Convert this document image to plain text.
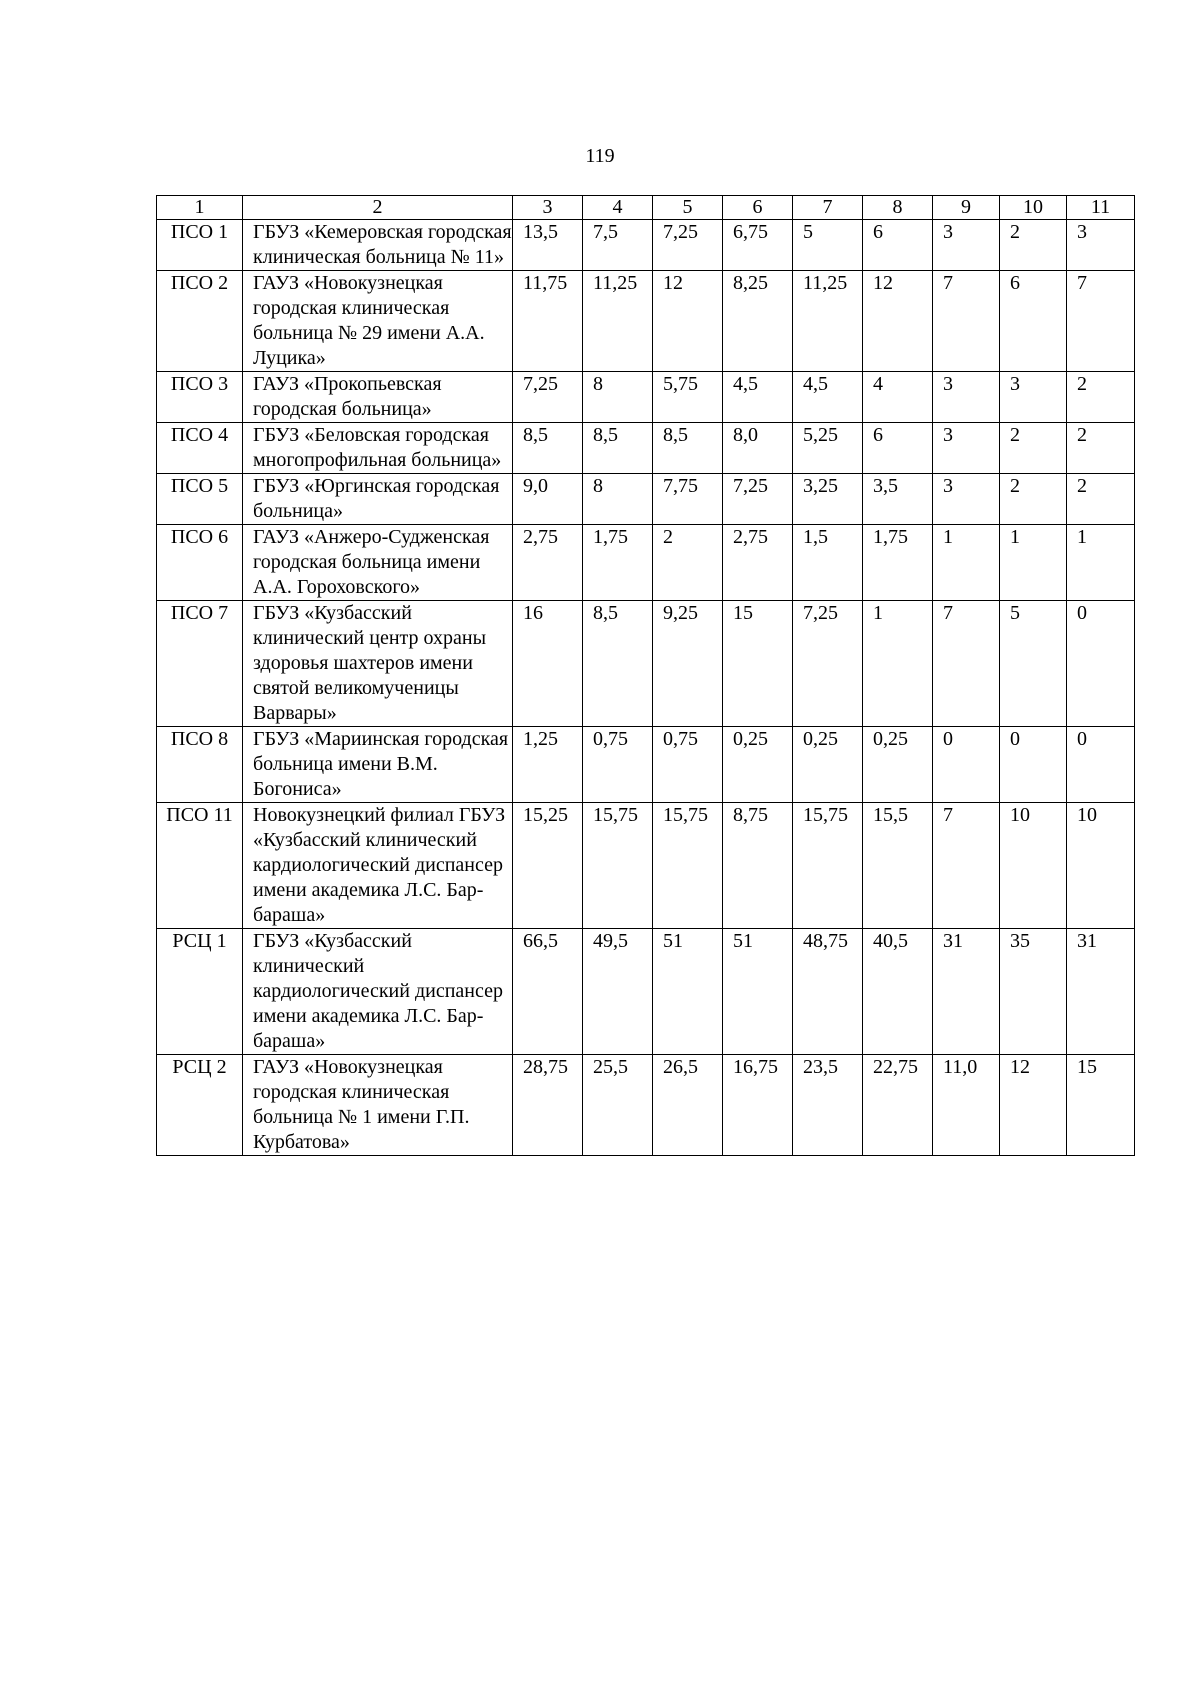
119
1	2	3	4	5	6	7	8	9	10	11
ПСО 1	ГБУЗ «Кемеровская городская клиническая больница № 11»	13,5	7,5	7,25	6,75	5	6	3	2	3
ПСО 2	ГАУЗ «Новокузнецкая городская клиническая больница № 29 имени А.А. Луцика»	11,75	11,25	12	8,25	11,25	12	7	6	7
ПСО 3	ГАУЗ «Прокопьевская городская больница»	7,25	8	5,75	4,5	4,5	4	3	3	2
ПСО 4	ГБУЗ «Беловская городская многопрофильная больница»	8,5	8,5	8,5	8,0	5,25	6	3	2	2
ПСО 5	ГБУЗ «Юргинская городская больница»	9,0	8	7,75	7,25	3,25	3,5	3	2	2
ПСО 6	ГАУЗ «Анжеро-Судженская городская больница имени А.А. Гороховского»	2,75	1,75	2	2,75	1,5	1,75	1	1	1
ПСО 7	ГБУЗ «Кузбасский клинический центр охраны здоровья шахтеров имени святой великомученицы Варвары»	16	8,5	9,25	15	7,25	1	7	5	0
ПСО 8	ГБУЗ «Мариинская городская больница имени В.М. Богониса»	1,25	0,75	0,75	0,25	0,25	0,25	0	0	0
ПСО 11	Новокузнецкий филиал ГБУЗ «Кузбасский клинический кардиологический диспансер имени академика Л.С. Бар-бараша»	15,25	15,75	15,75	8,75	15,75	15,5	7	10	10
РСЦ 1	ГБУЗ «Кузбасский клинический кардиологический диспансер имени академика Л.С. Бар-бараша»	66,5	49,5	51	51	48,75	40,5	31	35	31
РСЦ 2	ГАУЗ «Новокузнецкая городская клиническая больница № 1 имени Г.П. Курбатова»	28,75	25,5	26,5	16,75	23,5	22,75	11,0	12	15
